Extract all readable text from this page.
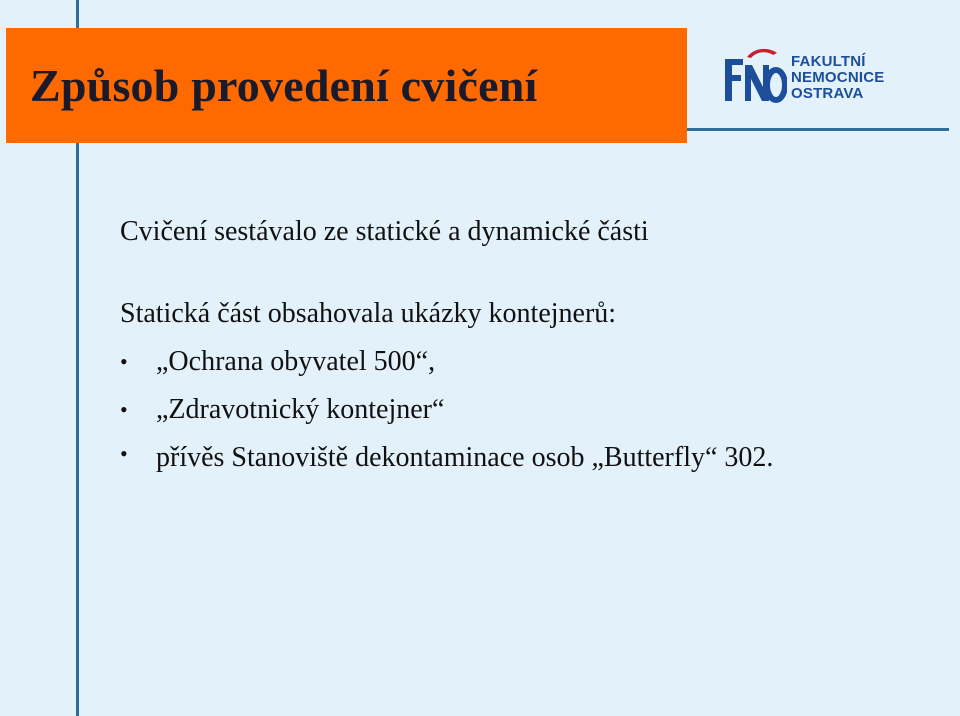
Způsob provedení cvičení	FAKULTNÍ
NEMOCNICE
OSTRAVA

Cvičení sestávalo ze statické a dynamické části

Statická část obsahovala ukázky kontejnerů:

• „Ochrana obyvatel 500“,
• „Zdravotnický kontejner“
• přívěs Stanoviště dekontaminace osob „Butterfly“ 302.
